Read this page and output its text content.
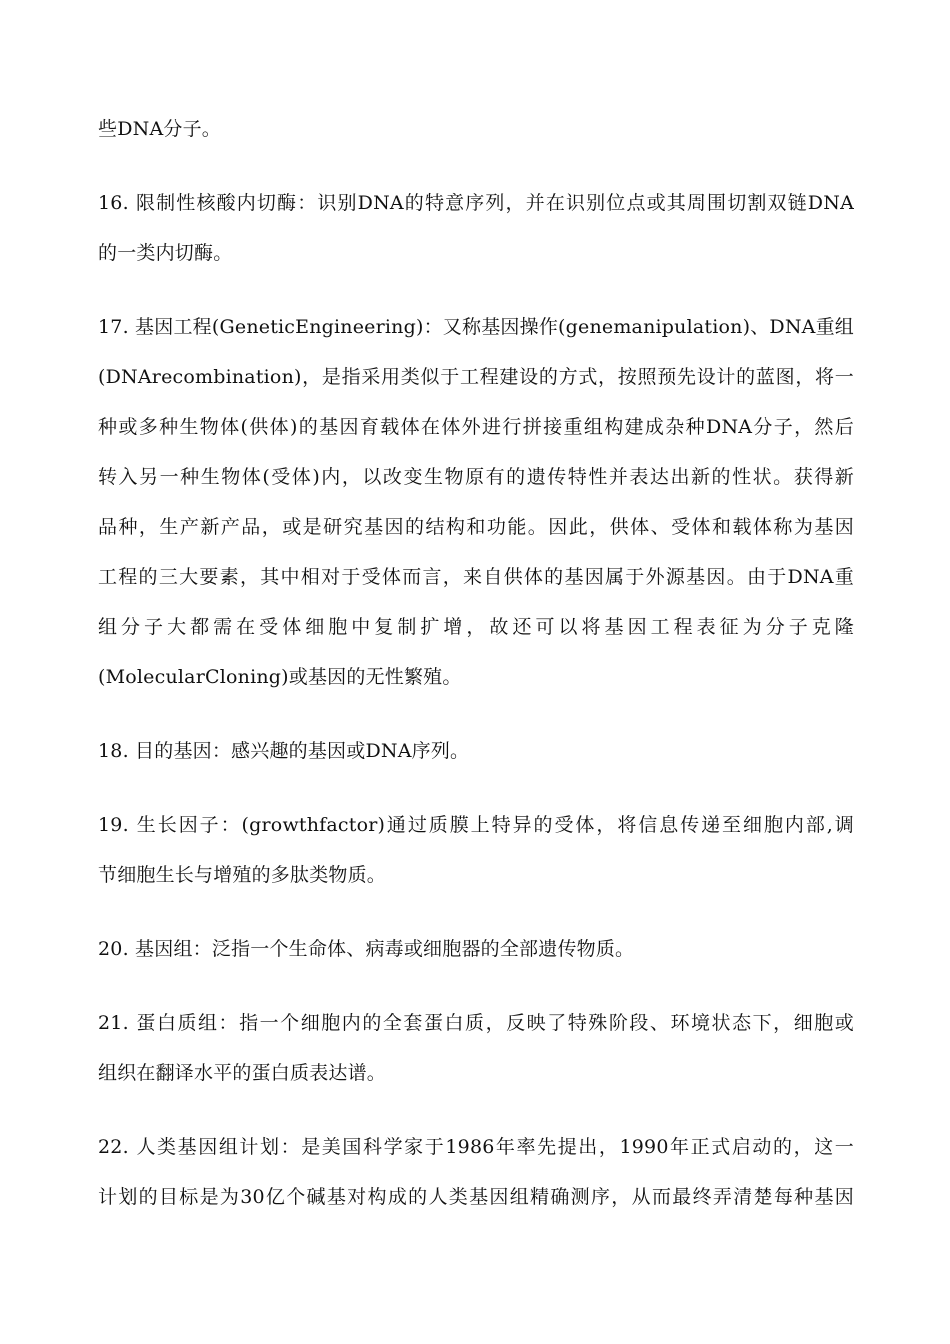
些DNA分子。
16. 限制性核酸内切酶：识别DNA的特意序列，并在识别位点或其周围切割双链DNA
的一类内切酶。
17. 基因工程(GeneticEngineering)：又称基因操作(genemanipulation)、DNA重组
(DNArecombination)，是指采用类似于工程建设的方式，按照预先设计的蓝图，将一
种或多种生物体(供体)的基因育载体在体外进行拼接重组构建成杂种DNA分子，然后
转入另一种生物体(受体)内，以改变生物原有的遗传特性并表达出新的性状。获得新
品种，生产新产品，或是研究基因的结构和功能。因此，供体、受体和载体称为基因
工程的三大要素，其中相对于受体而言，来自供体的基因属于外源基因。由于DNA重
组分子大都需在受体细胞中复制扩增，故还可以将基因工程表征为分子克隆
(MolecularCloning)或基因的无性繁殖。
18. 目的基因：感兴趣的基因或DNA序列。
19. 生长因子：(growthfactor)通过质膜上特异的受体，将信息传递至细胞内部,调
节细胞生长与增殖的多肽类物质。
20. 基因组：泛指一个生命体、病毒或细胞器的全部遗传物质。
21. 蛋白质组：指一个细胞内的全套蛋白质，反映了特殊阶段、环境状态下，细胞或
组织在翻译水平的蛋白质表达谱。
22. 人类基因组计划：是美国科学家于1986年率先提出，1990年正式启动的，这一
计划的目标是为30亿个碱基对构成的人类基因组精确测序，从而最终弄清楚每种基因
